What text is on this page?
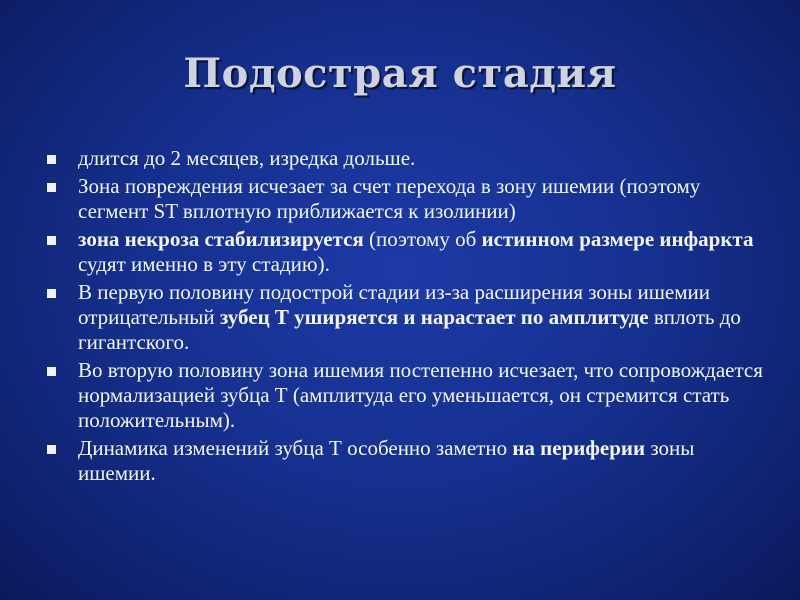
Подострая стадия
длится до 2 месяцев, изредка дольше.
Зона повреждения исчезает за счет перехода в зону ишемии (поэтому сегмент ST вплотную приближается к изолинии)
зона некроза стабилизируется (поэтому об истинном размере инфаркта судят именно в эту стадию).
В первую половину подострой стадии из-за расширения зоны ишемии отрицательный зубец Т уширяется и нарастает по амплитуде вплоть до гигантского.
Во вторую половину зона ишемия постепенно исчезает, что сопровождается нормализацией зубца Т (амплитуда его уменьшается, он стремится стать положительным).
Динамика изменений зубца Т особенно заметно на периферии зоны ишемии.
